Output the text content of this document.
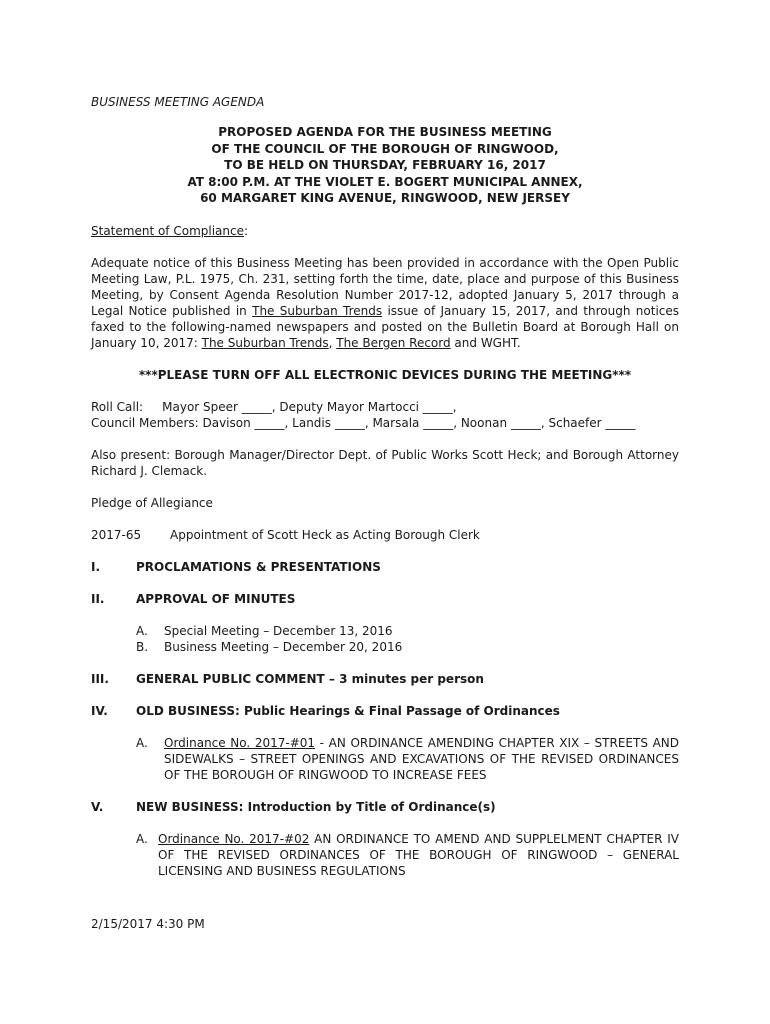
BUSINESS MEETING AGENDA

PROPOSED AGENDA FOR THE BUSINESS MEETING
OF THE COUNCIL OF THE BOROUGH OF RINGWOOD,
TO BE HELD ON THURSDAY, FEBRUARY 16, 2017
AT 8:00 P.M. AT THE VIOLET E. BOGERT MUNICIPAL ANNEX,
60 MARGARET KING AVENUE, RINGWOOD, NEW JERSEY

Statement of Compliance:

Adequate notice of this Business Meeting has been provided in accordance with the Open Public Meeting Law, P.L. 1975, Ch. 231, setting forth the time, date, place and purpose of this Business Meeting, by Consent Agenda Resolution Number 2017-12, adopted January 5, 2017 through a Legal Notice published in The Suburban Trends issue of January 15, 2017, and through notices faxed to the following-named newspapers and posted on the Bulletin Board at Borough Hall on January 10, 2017: The Suburban Trends, The Bergen Record and WGHT.

***PLEASE TURN OFF ALL ELECTRONIC DEVICES DURING THE MEETING***

Roll Call:     Mayor Speer _____, Deputy Mayor Martocci _____,

Council Members: Davison _____, Landis _____, Marsala _____, Noonan _____, Schaefer _____

Also present: Borough Manager/Director Dept. of Public Works Scott Heck; and Borough Attorney Richard J. Clemack.

Pledge of Allegiance

2017-65	Appointment of Scott Heck as Acting Borough Clerk
I.	PROCLAMATIONS & PRESENTATIONS
II.	APPROVAL OF MINUTES
A.	Special Meeting – December 13, 2016
B.	Business Meeting – December 20, 2016
III.	GENERAL PUBLIC COMMENT – 3 minutes per person
IV.	OLD BUSINESS: Public Hearings & Final Passage of Ordinances
A.	Ordinance No. 2017-#01 - AN ORDINANCE AMENDING CHAPTER XIX – STREETS AND SIDEWALKS – STREET OPENINGS AND EXCAVATIONS OF THE REVISED ORDINANCES OF THE BOROUGH OF RINGWOOD TO INCREASE FEES
V.	NEW BUSINESS: Introduction by Title of Ordinance(s)
A. Ordinance No. 2017-#02 AN ORDINANCE TO AMEND AND SUPPLELMENT CHAPTER IV OF THE REVISED ORDINANCES OF THE BOROUGH OF RINGWOOD – GENERAL LICENSING AND BUSINESS REGULATIONS
2/15/2017 4:30 PM
